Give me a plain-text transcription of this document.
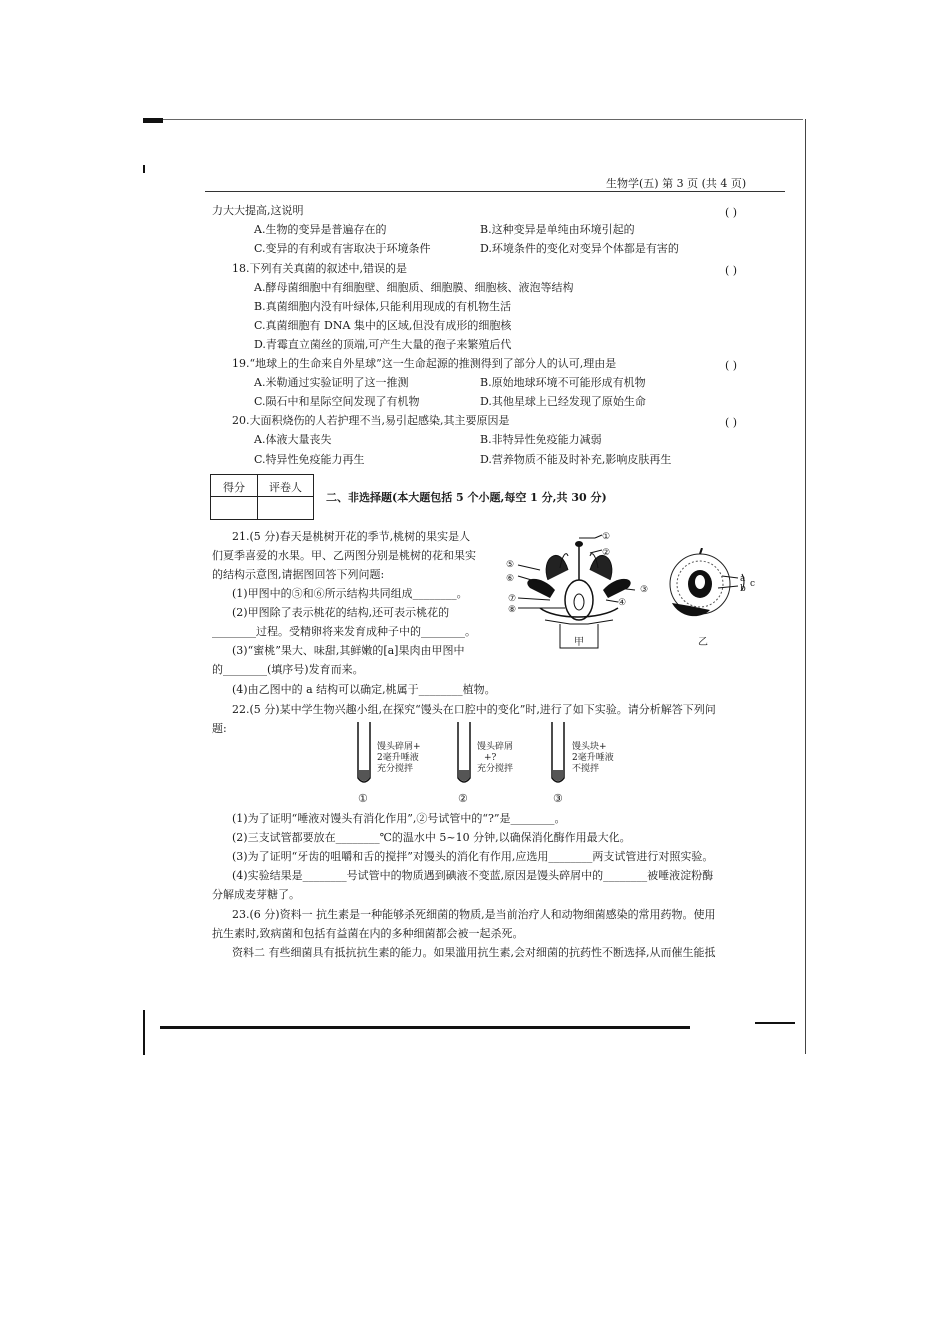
生物学(五) 第 3 页 (共 4 页)
力大大提高,这说明	( )
A.生物的变异是普遍存在的	B.这种变异是单纯由环境引起的
C.变异的有利或有害取决于环境条件	D.环境条件的变化对变异个体都是有害的
18.下列有关真菌的叙述中,错误的是	( )
A.酵母菌细胞中有细胞壁、细胞质、细胞膜、细胞核、液泡等结构
B.真菌细胞内没有叶绿体,只能利用现成的有机物生活
C.真菌细胞有 DNA 集中的区域,但没有成形的细胞核
D.青霉直立菌丝的顶端,可产生大量的孢子来繁殖后代
19.“地球上的生命来自外星球”这一生命起源的推测得到了部分人的认可,理由是	( )
A.米勒通过实验证明了这一推测	B.原始地球环境不可能形成有机物
C.陨石中和星际空间发现了有机物	D.其他星球上已经发现了原始生命
20.大面积烧伤的人若护理不当,易引起感染,其主要原因是	( )
A.体液大量丧失	B.非特异性免疫能力减弱
C.特异性免疫能力再生	D.营养物质不能及时补充,影响皮肤再生
得分 评卷人
二、非选择题(本大题包括 5 个小题,每空 1 分,共 30 分)
21.(5 分)春天是桃树开花的季节,桃树的果实是人
们夏季喜爱的水果。甲、乙两图分别是桃树的花和果实
的结构示意图,请据图回答下列问题:
(1)甲图中的⑤和⑥所示结构共同组成________。
(2)甲图除了表示桃花的结构,还可表示桃花的
________过程。受精卵将来发育成种子中的________。
(3)“蜜桃”果大、味甜,其鲜嫩的[a]果肉由甲图中
的________(填序号)发育而来。
(4)由乙图中的 a 结构可以确定,桃属于________植物。
①
②
③
④
⑤
⑥
⑦
⑧
甲
a
b c
乙
22.(5 分)某中学生物兴趣小组,在探究“馒头在口腔中的变化”时,进行了如下实验。请分析解答下列问
题:
馒头碎屑+
2毫升唾液
充分搅拌
①
馒头碎屑
+?
充分搅拌
②
馒头块+
2毫升唾液
不搅拌
③
(1)为了证明“唾液对馒头有消化作用”,②号试管中的“?”是________。
(2)三支试管都要放在________℃的温水中 5~10 分钟,以确保消化酶作用最大化。
(3)为了证明“牙齿的咀嚼和舌的搅拌”对馒头的消化有作用,应选用________两支试管进行对照实验。
(4)实验结果是________号试管中的物质遇到碘液不变蓝,原因是馒头碎屑中的________被唾液淀粉酶
分解成麦芽糖了。
23.(6 分)资料一 抗生素是一种能够杀死细菌的物质,是当前治疗人和动物细菌感染的常用药物。使用
抗生素时,致病菌和包括有益菌在内的多种细菌都会被一起杀死。
资料二 有些细菌具有抵抗抗生素的能力。如果滥用抗生素,会对细菌的抗药性不断选择,从而催生能抵
